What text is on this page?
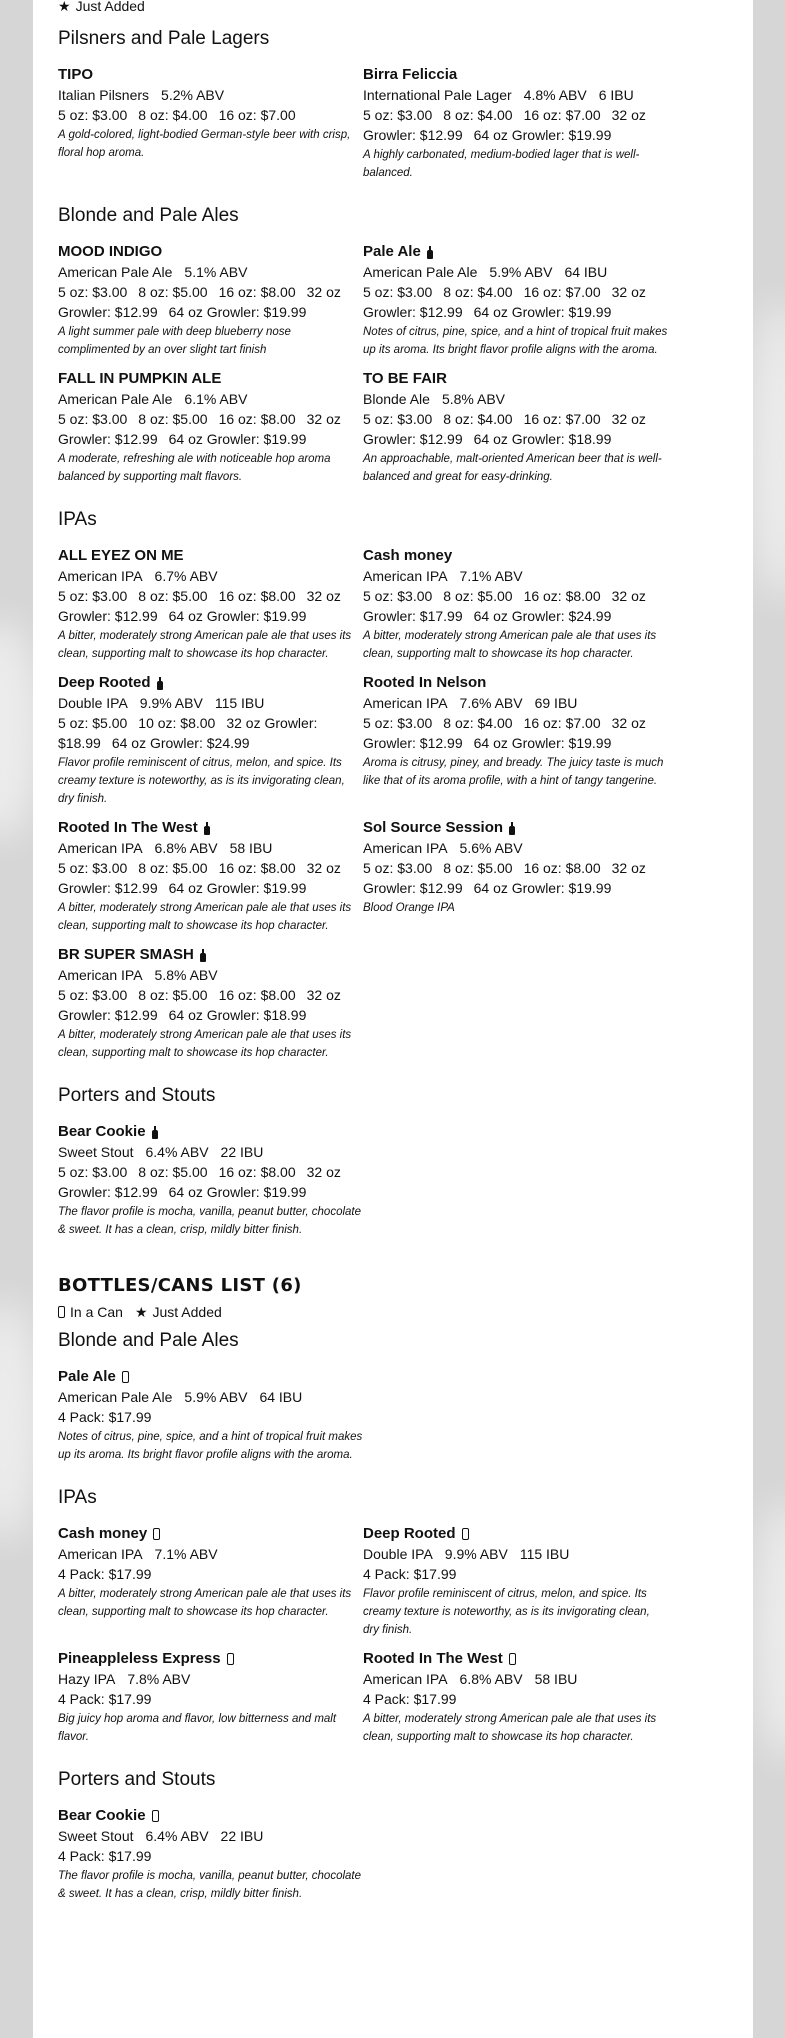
★ Just Added
Pilsners and Pale Lagers
TIPO
Italian Pilsners 5.2% ABV
5 oz: $3.00 8 oz: $4.00 16 oz: $7.00
A gold-colored, light-bodied German-style beer with crisp, floral hop aroma.
Birra Feliccia
International Pale Lager 4.8% ABV 6 IBU
5 oz: $3.00 8 oz: $4.00 16 oz: $7.00 32 oz Growler: $12.99 64 oz Growler: $19.99
A highly carbonated, medium-bodied lager that is well-balanced.
Blonde and Pale Ales
MOOD INDIGO
American Pale Ale 5.1% ABV
5 oz: $3.00 8 oz: $5.00 16 oz: $8.00 32 oz Growler: $12.99 64 oz Growler: $19.99
A light summer pale with deep blueberry nose complimented by an over slight tart finish
Pale Ale
American Pale Ale 5.9% ABV 64 IBU
5 oz: $3.00 8 oz: $4.00 16 oz: $7.00 32 oz Growler: $12.99 64 oz Growler: $19.99
Notes of citrus, pine, spice, and a hint of tropical fruit makes up its aroma. Its bright flavor profile aligns with the aroma.
FALL IN PUMPKIN ALE
American Pale Ale 6.1% ABV
5 oz: $3.00 8 oz: $5.00 16 oz: $8.00 32 oz Growler: $12.99 64 oz Growler: $19.99
A moderate, refreshing ale with noticeable hop aroma balanced by supporting malt flavors.
TO BE FAIR
Blonde Ale 5.8% ABV
5 oz: $3.00 8 oz: $4.00 16 oz: $7.00 32 oz Growler: $12.99 64 oz Growler: $18.99
An approachable, malt-oriented American beer that is well-balanced and great for easy-drinking.
IPAs
ALL EYEZ ON ME
American IPA 6.7% ABV
5 oz: $3.00 8 oz: $5.00 16 oz: $8.00 32 oz Growler: $12.99 64 oz Growler: $19.99
A bitter, moderately strong American pale ale that uses its clean, supporting malt to showcase its hop character.
Cash money
American IPA 7.1% ABV
5 oz: $3.00 8 oz: $5.00 16 oz: $8.00 32 oz Growler: $17.99 64 oz Growler: $24.99
A bitter, moderately strong American pale ale that uses its clean, supporting malt to showcase its hop character.
Deep Rooted
Double IPA 9.9% ABV 115 IBU
5 oz: $5.00 10 oz: $8.00 32 oz Growler: $18.99 64 oz Growler: $24.99
Flavor profile reminiscent of citrus, melon, and spice. Its creamy texture is noteworthy, as is its invigorating clean, dry finish.
Rooted In Nelson
American IPA 7.6% ABV 69 IBU
5 oz: $3.00 8 oz: $4.00 16 oz: $7.00 32 oz Growler: $12.99 64 oz Growler: $19.99
Aroma is citrusy, piney, and bready. The juicy taste is much like that of its aroma profile, with a hint of tangy tangerine.
Rooted In The West
American IPA 6.8% ABV 58 IBU
5 oz: $3.00 8 oz: $5.00 16 oz: $8.00 32 oz Growler: $12.99 64 oz Growler: $19.99
A bitter, moderately strong American pale ale that uses its clean, supporting malt to showcase its hop character.
Sol Source Session
American IPA 5.6% ABV
5 oz: $3.00 8 oz: $5.00 16 oz: $8.00 32 oz Growler: $12.99 64 oz Growler: $19.99
Blood Orange IPA
BR SUPER SMASH
American IPA 5.8% ABV
5 oz: $3.00 8 oz: $5.00 16 oz: $8.00 32 oz Growler: $12.99 64 oz Growler: $18.99
A bitter, moderately strong American pale ale that uses its clean, supporting malt to showcase its hop character.
Porters and Stouts
Bear Cookie
Sweet Stout 6.4% ABV 22 IBU
5 oz: $3.00 8 oz: $5.00 16 oz: $8.00 32 oz Growler: $12.99 64 oz Growler: $19.99
The flavor profile is mocha, vanilla, peanut butter, chocolate & sweet. It has a clean, crisp, mildly bitter finish.
BOTTLES/CANS LIST (6)
In a Can ★ Just Added
Blonde and Pale Ales
Pale Ale
American Pale Ale 5.9% ABV 64 IBU
4 Pack: $17.99
Notes of citrus, pine, spice, and a hint of tropical fruit makes up its aroma. Its bright flavor profile aligns with the aroma.
IPAs
Cash money
American IPA 7.1% ABV
4 Pack: $17.99
A bitter, moderately strong American pale ale that uses its clean, supporting malt to showcase its hop character.
Deep Rooted
Double IPA 9.9% ABV 115 IBU
4 Pack: $17.99
Flavor profile reminiscent of citrus, melon, and spice. Its creamy texture is noteworthy, as is its invigorating clean, dry finish.
Pineappleless Express
Hazy IPA 7.8% ABV
4 Pack: $17.99
Big juicy hop aroma and flavor, low bitterness and malt flavor.
Rooted In The West
American IPA 6.8% ABV 58 IBU
4 Pack: $17.99
A bitter, moderately strong American pale ale that uses its clean, supporting malt to showcase its hop character.
Porters and Stouts
Bear Cookie
Sweet Stout 6.4% ABV 22 IBU
4 Pack: $17.99
The flavor profile is mocha, vanilla, peanut butter, chocolate & sweet. It has a clean, crisp, mildly bitter finish.
